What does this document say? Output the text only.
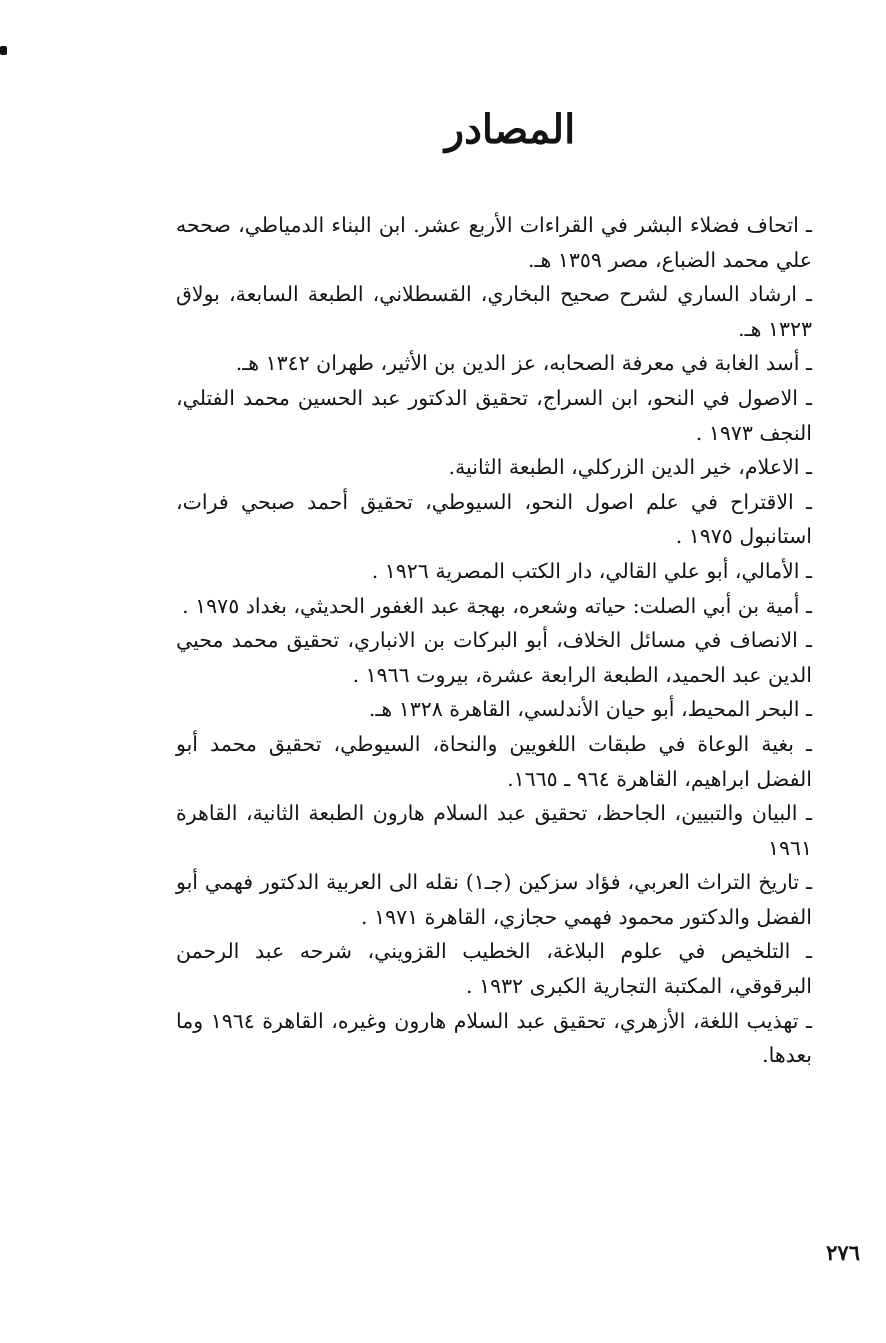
المصادر
ـ اتحاف فضلاء البشر في القراءات الأربع عشر. ابن البناء الدمياطي، صححه علي محمد الضباع، مصر ١٣٥٩ هـ.
ـ ارشاد الساري لشرح صحيح البخاري، القسطلاني، الطبعة السابعة، بولاق ١٣٢٣ هـ.
ـ أسد الغابة في معرفة الصحابه، عز الدين بن الأثير، طهران ١٣٤٢ هـ.
ـ الاصول في النحو، ابن السراج، تحقيق الدكتور عبد الحسين محمد الفتلي، النجف ١٩٧٣ .
ـ الاعلام، خير الدين الزركلي، الطبعة الثانية.
ـ الاقتراح في علم اصول النحو، السيوطي، تحقيق أحمد صبحي فرات، استانبول ١٩٧٥ .
ـ الأمالي، أبو علي القالي، دار الكتب المصرية ١٩٢٦ .
ـ أمية بن أبي الصلت: حياته وشعره، بهجة عبد الغفور الحديثي، بغداد ١٩٧٥ .
ـ الانصاف في مسائل الخلاف، أبو البركات بن الانباري، تحقيق محمد محيي الدين عبد الحميد، الطبعة الرابعة عشرة، بيروت ١٩٦٦ .
ـ البحر المحيط، أبو حيان الأندلسي، القاهرة ١٣٢٨ هـ.
ـ بغية الوعاة في طبقات اللغويين والنحاة، السيوطي، تحقيق محمد أبو الفضل ابراهيم، القاهرة ٩٦٤ ـ ١٦٦٥.
ـ البيان والتبيين، الجاحظ، تحقيق عبد السلام هارون الطبعة الثانية، القاهرة ١٩٦١
ـ تاريخ التراث العربي، فؤاد سزكين (جـ١) نقله الى العربية الدكتور فهمي أبو الفضل والدكتور محمود فهمي حجازي، القاهرة ١٩٧١ .
ـ التلخيص في علوم البلاغة، الخطيب القزويني، شرحه عبد الرحمن البرقوقي، المكتبة التجارية الكبرى ١٩٣٢ .
ـ تهذيب اللغة، الأزهري، تحقيق عبد السلام هارون وغيره، القاهرة ١٩٦٤ وما بعدها.
٢٧٦
